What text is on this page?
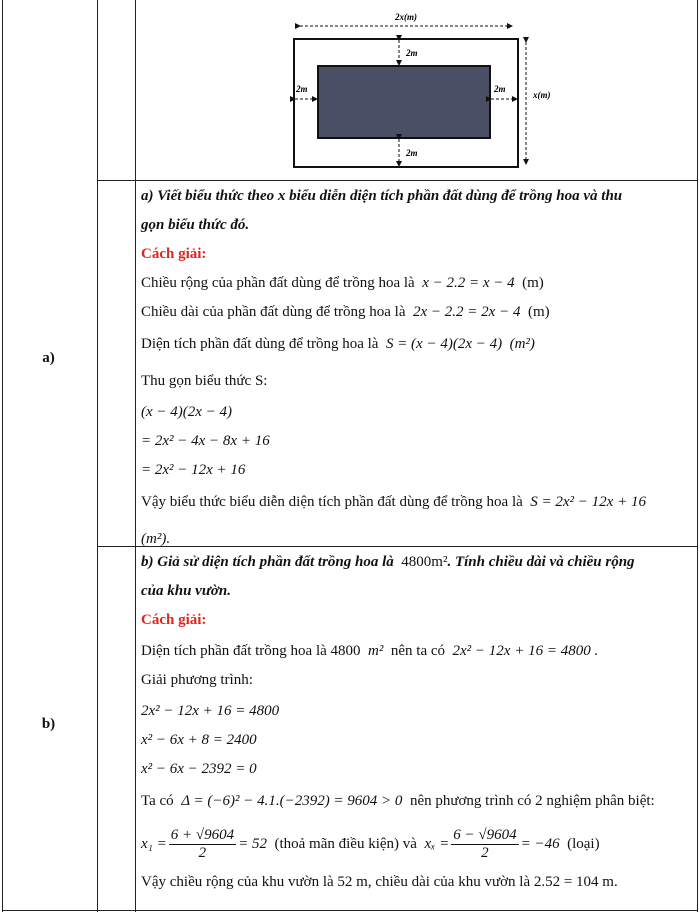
2x(m)
2m
2m
2m	2m
x(m)
a)
a) Viết biểu thức theo x biểu diễn diện tích phần đất dùng để trồng hoa và thu
gọn biểu thức đó.
Cách giải:
Chiều rộng của phần đất dùng để trồng hoa là x − 2.2 = x − 4 (m)
Chiều dài của phần đất dùng để trồng hoa là 2x − 2.2 = 2x − 4 (m)
Diện tích phần đất dùng để trồng hoa là S = (x − 4)(2x − 4) (m²)
Thu gọn biểu thức S:
(x − 4)(2x − 4)
= 2x² − 4x − 8x + 16
= 2x² − 12x + 16
Vậy biểu thức biểu diễn diện tích phần đất dùng để trồng hoa là S = 2x² − 12x + 16
(m²).
b)
b) Giả sử diện tích phần đất trồng hoa là 4800m². Tính chiều dài và chiều rộng
của khu vườn.
Cách giải:
Diện tích phần đất trồng hoa là 4800 m² nên ta có 2x² − 12x + 16 = 4800 .
Giải phương trình:
2x² − 12x + 16 = 4800
x² − 6x + 8 = 2400
x² − 6x − 2392 = 0
Ta có Δ = (−6)² − 4.1.(−2392) = 9604 > 0 nên phương trình có 2 nghiệm phân biệt:
$x_1 = \frac{6 + √9604}{2} = 52$ (thoả mãn điều kiện) và $x_x = \frac{6 - √9604}{2} = -46$ (loại)
Vậy chiều rộng của khu vườn là 52 m, chiều dài của khu vườn là 2.52 = 104 m.
